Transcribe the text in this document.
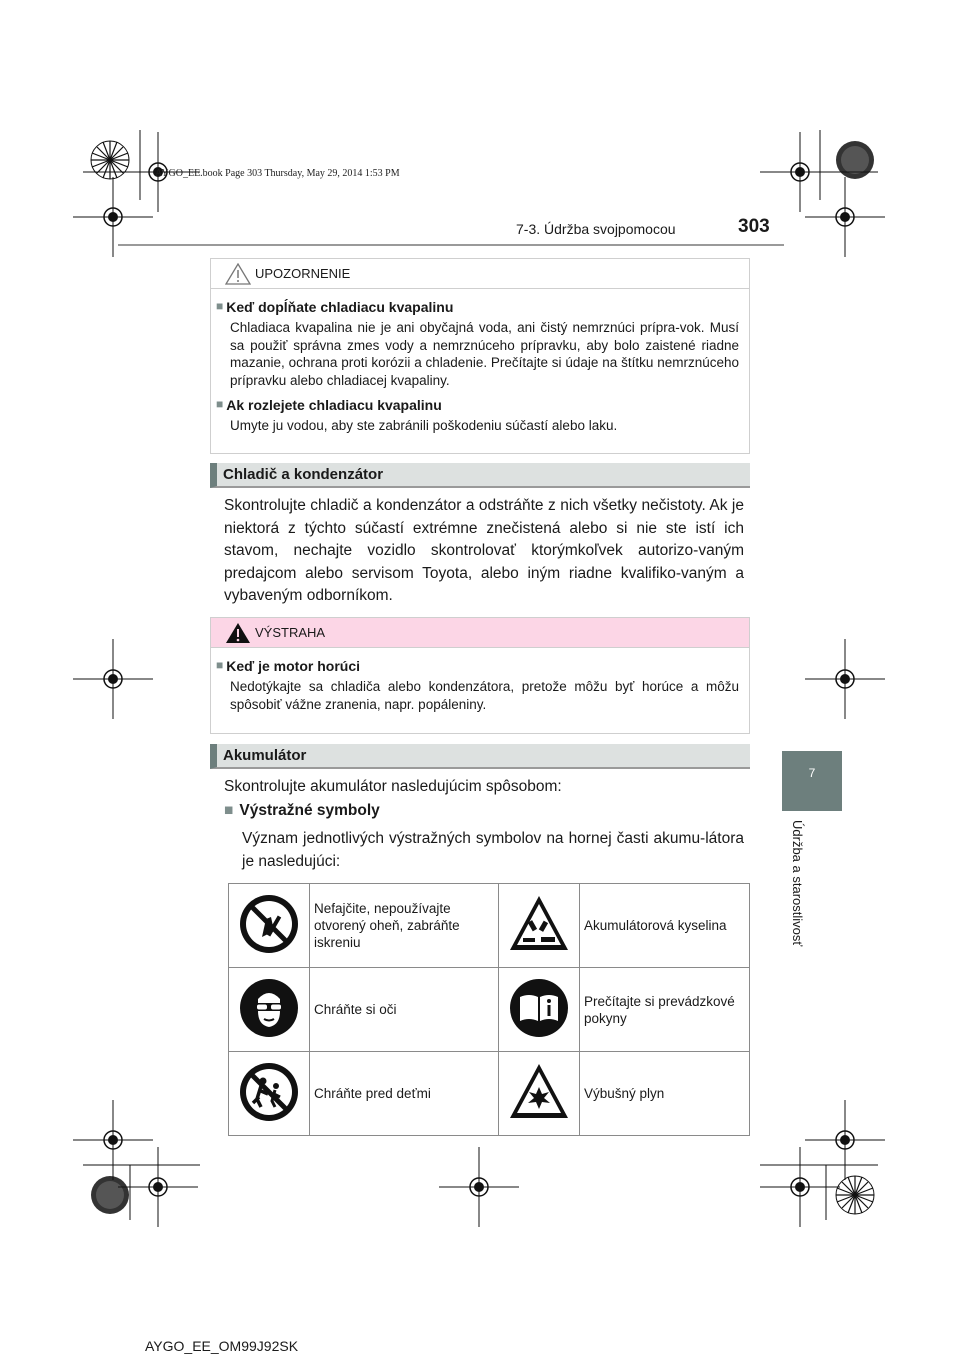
AYGO_EE.book Page 303 Thursday, May 29, 2014 1:53 PM
7-3. Údržba svojpomocou	303
7
Údržba a starostlivosť
UPOZORNENIE
■ Keď dopĺňate chladiacu kvapalinu
Chladiaca kvapalina nie je ani obyčajná voda, ani čistý nemrznúci prípra-vok. Musí sa použiť správna zmes vody a nemrznúceho prípravku, aby bolo zaistené riadne mazanie, ochrana proti korózii a chladenie. Prečítajte si údaje na štítku nemrznúceho prípravku alebo chladiacej kvapaliny.
■ Ak rozlejete chladiacu kvapalinu
Umyte ju vodou, aby ste zabránili poškodeniu súčastí alebo laku.
Chladič a kondenzátor
Skontrolujte chladič a kondenzátor a odstráňte z nich všetky nečistoty. Ak je niektorá z týchto súčastí extrémne znečistená alebo si nie ste istí ich stavom, nechajte vozidlo skontrolovať ktorýmkoľvek autorizo-vaným predajcom alebo servisom Toyota, alebo iným riadne kvalifiko-vaným a vybaveným odborníkom.
VÝSTRAHA
■ Keď je motor horúci
Nedotýkajte sa chladiča alebo kondenzátora, pretože môžu byť horúce a môžu spôsobiť vážne zranenia, napr. popáleniny.
Akumulátor
Skontrolujte akumulátor nasledujúcim spôsobom:
■ Výstražné symboly
Význam jednotlivých výstražných symbolov na hornej časti akumu-látora je nasledujúci:
	Nefajčite, nepoužívajte otvorený oheň, zabráňte iskreniu		Akumulátorová kyselina
	Chráňte si oči		Prečítajte si prevádzkové pokyny
	Chráňte pred deťmi		Výbušný plyn
AYGO_EE_OM99J92SK
